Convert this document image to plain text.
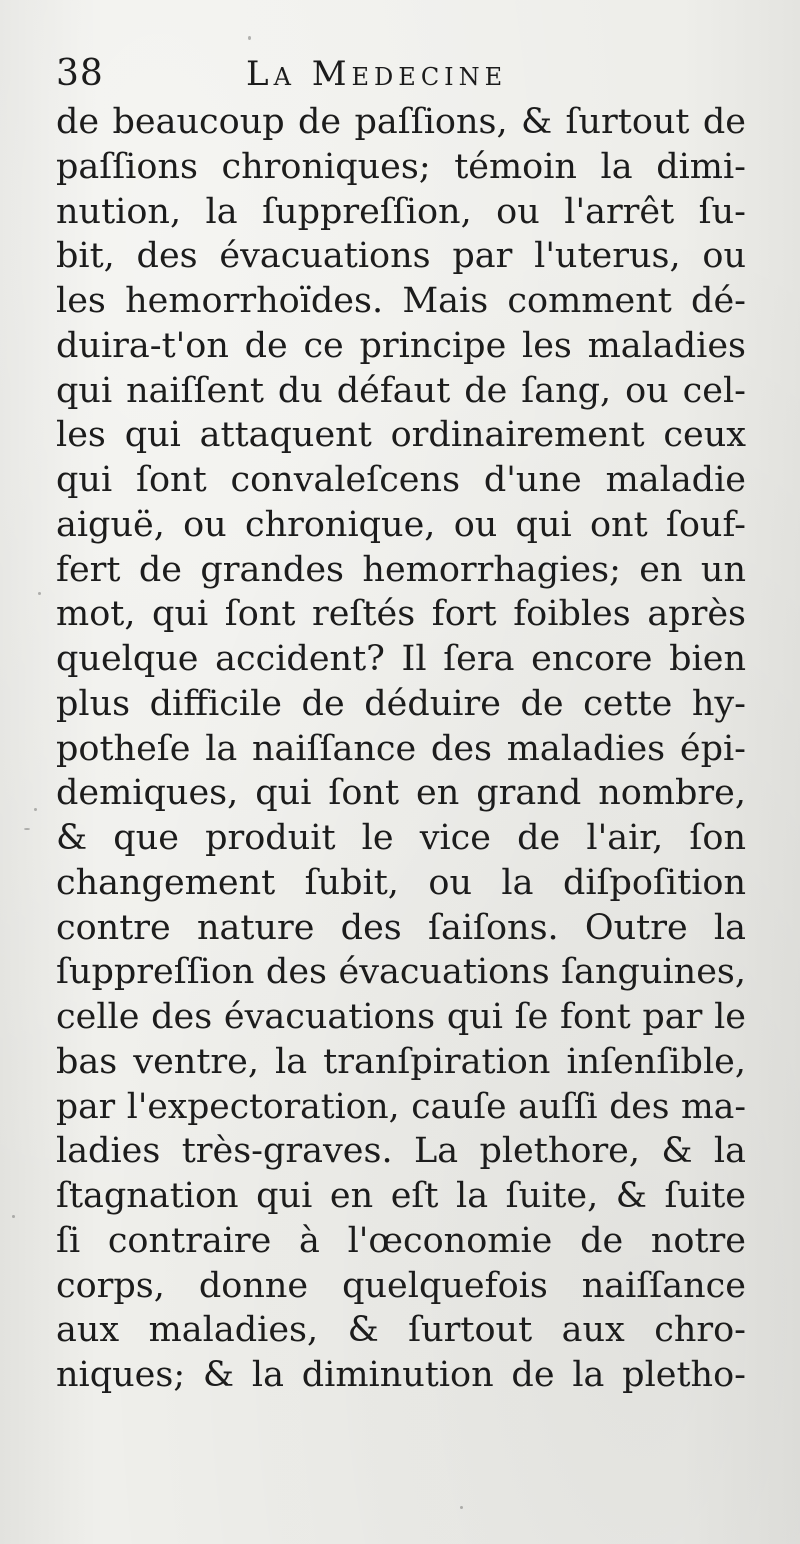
38	La Medecine
de beaucoup de paſſions, & ſurtout de
paſſions chroniques; témoin la dimi-
nution, la ſuppreſſion, ou l'arrêt ſu-
bit, des évacuations par l'uterus, ou
les hemorrhoïdes. Mais comment dé-
duira-t'on de ce principe les maladies
qui naiſſent du défaut de ſang, ou cel-
les qui attaquent ordinairement ceux
qui ſont convaleſcens d'une maladie
aiguë, ou chronique, ou qui ont ſouf-
fert de grandes hemorrhagies; en un
mot, qui ſont reſtés fort foibles après
quelque accident? Il ſera encore bien
plus difficile de déduire de cette hy-
potheſe la naiſſance des maladies épi-
demiques, qui ſont en grand nombre,
& que produit le vice de l'air, ſon
changement ſubit, ou la diſpoſition
contre nature des ſaiſons. Outre la
ſuppreſſion des évacuations ſanguines,
celle des évacuations qui ſe font par le
bas ventre, la tranſpiration inſenſible,
par l'expectoration, cauſe auſſi des ma-
ladies très-graves. La plethore, & la
ſtagnation qui en eſt la ſuite, & ſuite
ſi contraire à l'œconomie de notre
corps, donne quelquefois naiſſance
aux maladies, & ſurtout aux chro-
niques; & la diminution de la pletho-
